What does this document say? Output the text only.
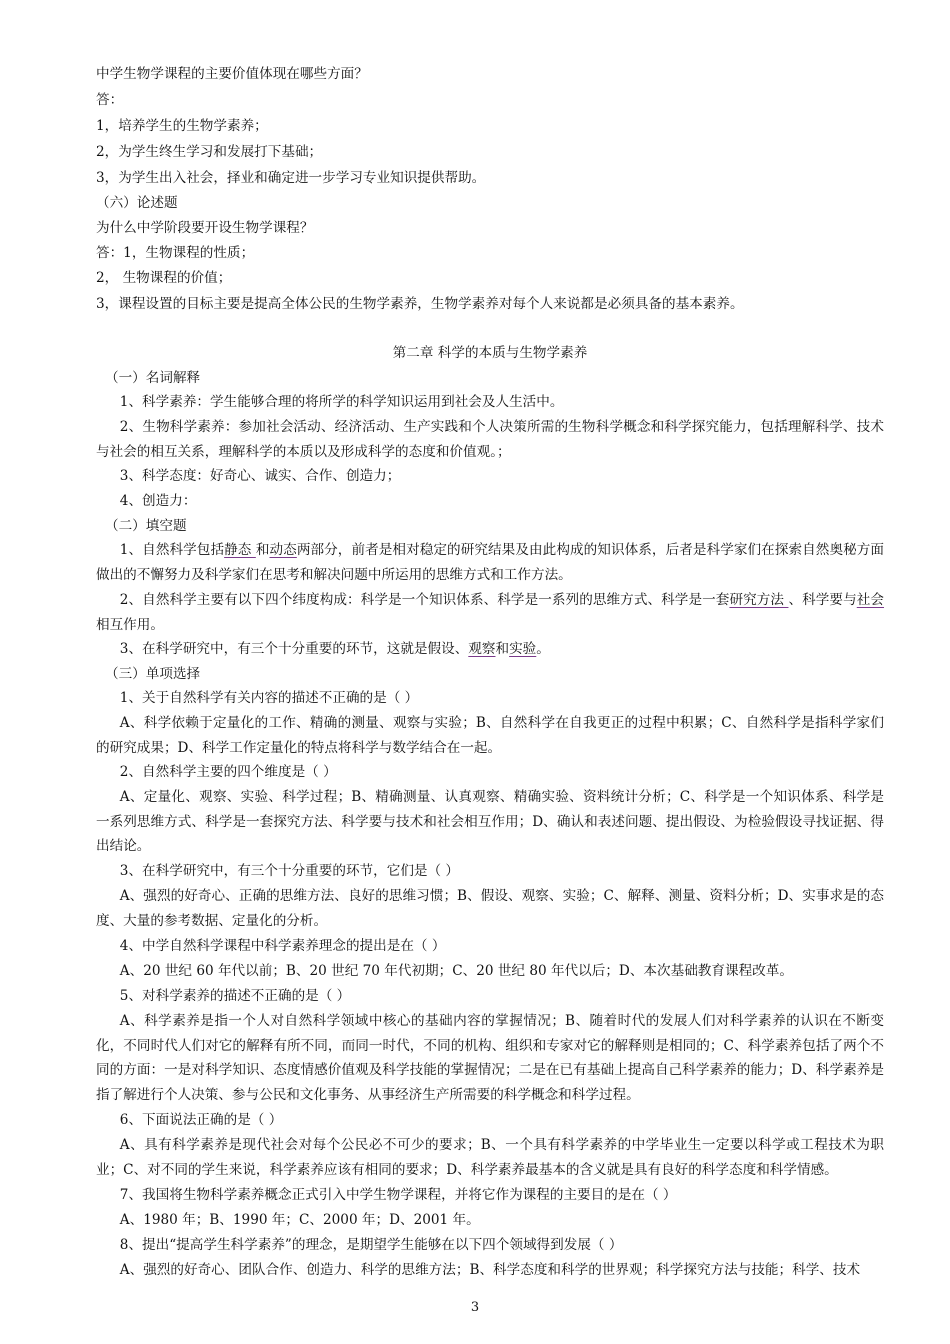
中学生物学课程的主要价值体现在哪些方面？
答：
1，培养学生的生物学素养；
2，为学生终生学习和发展打下基础；
3，为学生出入社会，择业和确定进一步学习专业知识提供帮助。
（六）论述题
为什么中学阶段要开设生物学课程？
答：1，生物课程的性质；
2， 生物课程的价值；
3，课程设置的目标主要是提高全体公民的生物学素养，生物学素养对每个人来说都是必须具备的基本素养。
第二章 科学的本质与生物学素养
（一）名词解释
1、科学素养：学生能够合理的将所学的科学知识运用到社会及人生活中。
2、生物科学素养：参加社会活动、经济活动、生产实践和个人决策所需的生物科学概念和科学探究能力，包括理解科学、技术与社会的相互关系，理解科学的本质以及形成科学的态度和价值观。；
3、科学态度：好奇心、诚实、合作、创造力；
4、创造力：
（二）填空题
1、自然科学包括静态 和动态两部分，前者是相对稳定的研究结果及由此构成的知识体系，后者是科学家们在探索自然奥秘方面做出的不懈努力及科学家们在思考和解决问题中所运用的思维方式和工作方法。
2、自然科学主要有以下四个纬度构成：科学是一个知识体系、科学是一系列的思维方式、科学是一套研究方法 、科学要与社会相互作用。
3、在科学研究中，有三个十分重要的环节，这就是假设、观察和实验。
（三）单项选择
1、关于自然科学有关内容的描述不正确的是（ ）
A、科学依赖于定量化的工作、精确的测量、观察与实验；B、自然科学在自我更正的过程中积累；C、自然科学是指科学家们的研究成果；D、科学工作定量化的特点将科学与数学结合在一起。
2、自然科学主要的四个维度是（ ）
A、定量化、观察、实验、科学过程；B、精确测量、认真观察、精确实验、资料统计分析；C、科学是一个知识体系、科学是一系列思维方式、科学是一套探究方法、科学要与技术和社会相互作用；D、确认和表述问题、提出假设、为检验假设寻找证据、得出结论。
3、在科学研究中，有三个十分重要的环节，它们是（ ）
A、强烈的好奇心、正确的思维方法、良好的思维习惯；B、假设、观察、实验；C、解释、测量、资料分析；D、实事求是的态度、大量的参考数据、定量化的分析。
4、中学自然科学课程中科学素养理念的提出是在（ ）
A、20 世纪 60 年代以前；B、20 世纪 70 年代初期；C、20 世纪 80 年代以后；D、本次基础教育课程改革。
5、对科学素养的描述不正确的是（ ）
A、科学素养是指一个人对自然科学领域中核心的基础内容的掌握情况；B、随着时代的发展人们对科学素养的认识在不断变化，不同时代人们对它的解释有所不同，而同一时代，不同的机构、组织和专家对它的解释则是相同的；C、科学素养包括了两个不同的方面：一是对科学知识、态度情感价值观及科学技能的掌握情况；二是在已有基础上提高自己科学素养的能力；D、科学素养是指了解进行个人决策、参与公民和文化事务、从事经济生产所需要的科学概念和科学过程。
6、下面说法正确的是（ ）
A、具有科学素养是现代社会对每个公民必不可少的要求；B、一个具有科学素养的中学毕业生一定要以科学或工程技术为职业；C、对不同的学生来说，科学素养应该有相同的要求；D、科学素养最基本的含义就是具有良好的科学态度和科学情感。
7、我国将生物科学素养概念正式引入中学生物学课程，并将它作为课程的主要目的是在（ ）
A、1980 年；B、1990 年；C、2000 年；D、2001 年。
8、提出“提高学生科学素养”的理念，是期望学生能够在以下四个领域得到发展（ ）
A、强烈的好奇心、团队合作、创造力、科学的思维方法；B、科学态度和科学的世界观；科学探究方法与技能；科学、技术
3
